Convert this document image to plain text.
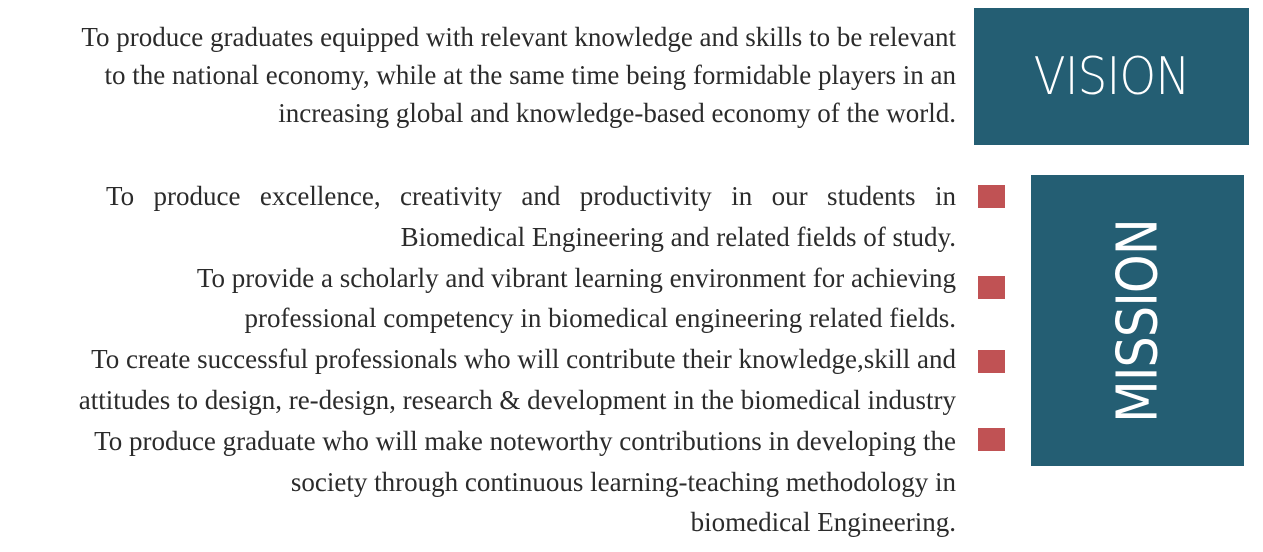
To produce graduates equipped with relevant knowledge and skills to be relevant
to the national economy, while at the same time being formidable players in an
increasing global and knowledge-based economy of the world.
VISION
To produce excellence, creativity and productivity in our students in
Biomedical Engineering and related fields of study.
To provide a scholarly and vibrant learning environment for achieving
professional competency in biomedical engineering related fields.
To create successful professionals who will contribute their knowledge,skill and
attitudes to design, re-design, research & development in the biomedical industry
To produce graduate who will make noteworthy contributions in developing the
society through continuous learning-teaching methodology in
biomedical Engineering.
MISSION
